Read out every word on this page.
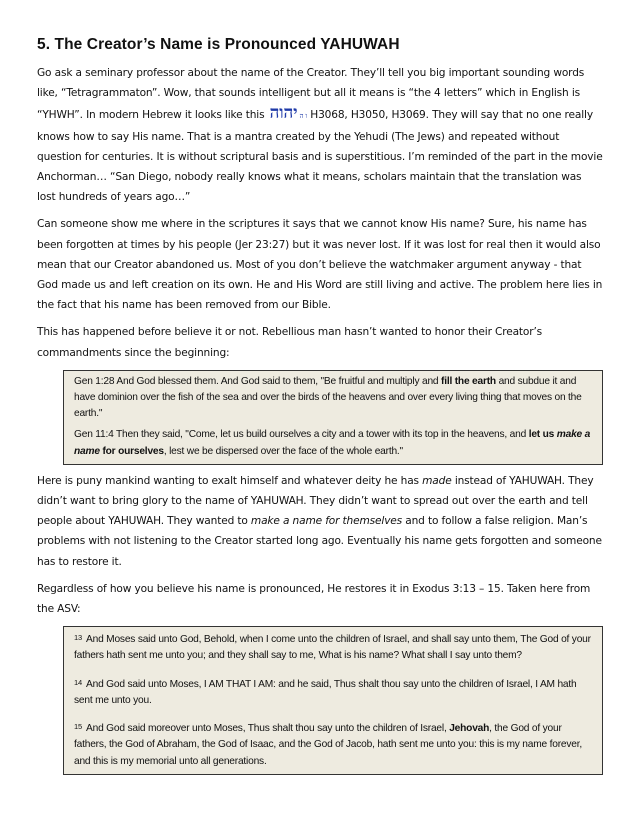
5. The Creator’s Name is Pronounced YAHUWAH

Go ask a seminary professor about the name of the Creator. They’ll tell you big important sounding words like, “Tetragrammaton”. Wow, that sounds intelligent but all it means is “the 4 letters” which in English is “YHWH”. In modern Hebrew it looks like this	ו היהוה H3068, H3050, H3069. They will say that no one really knows how to say His name. That is a mantra created by the Yehudi (The Jews) and repeated without question for centuries. It is without scriptural basis and is superstitious. I’m reminded of the part in the movie Anchorman… “San Diego, nobody really knows what it means, scholars maintain that the translation was lost hundreds of years ago…”

Can someone show me where in the scriptures it says that we cannot know His name? Sure, his name has been forgotten at times by his people (Jer 23:27) but it was never lost. If it was lost for real then it would also mean that our Creator abandoned us. Most of you don’t believe the watchmaker argument anyway - that God made us and left creation on its own. He and His Word are still living and active. The problem here lies in the fact that his name has been removed from our Bible.

This has happened before believe it or not. Rebellious man hasn’t wanted to honor their Creator’s commandments since the beginning:

Gen 1:28 And God blessed them. And God said to them, "Be fruitful and multiply and fill the earth and subdue it and have dominion over the fish of the sea and over the birds of the heavens and over every living thing that moves on the earth."
Gen 11:4 Then they said, "Come, let us build ourselves a city and a tower with its top in the heavens, and let us make a name for ourselves, lest we be dispersed over the face of the whole earth."

Here is puny mankind wanting to exalt himself and whatever deity he has made instead of YAHUWAH. They didn’t want to bring glory to the name of YAHUWAH. They didn’t want to spread out over the earth and tell people about YAHUWAH. They wanted to make a name for themselves and to follow a false religion. Man’s problems with not listening to the Creator started long ago. Eventually his name gets forgotten and someone has to restore it.

Regardless of how you believe his name is pronounced, He restores it in Exodus 3:13 – 15. Taken here from the ASV:

13 And Moses said unto God, Behold, when I come unto the children of Israel, and shall say unto them, The God of your fathers hath sent me unto you; and they shall say to me, What is his name? What shall I say unto them?
14 And God said unto Moses, I AM THAT I AM: and he said, Thus shalt thou say unto the children of Israel, I AM hath sent me unto you.
15 And God said moreover unto Moses, Thus shalt thou say unto the children of Israel, Jehovah, the God of your fathers, the God of Abraham, the God of Isaac, and the God of Jacob, hath sent me unto you: this is my name forever, and this is my memorial unto all generations.
